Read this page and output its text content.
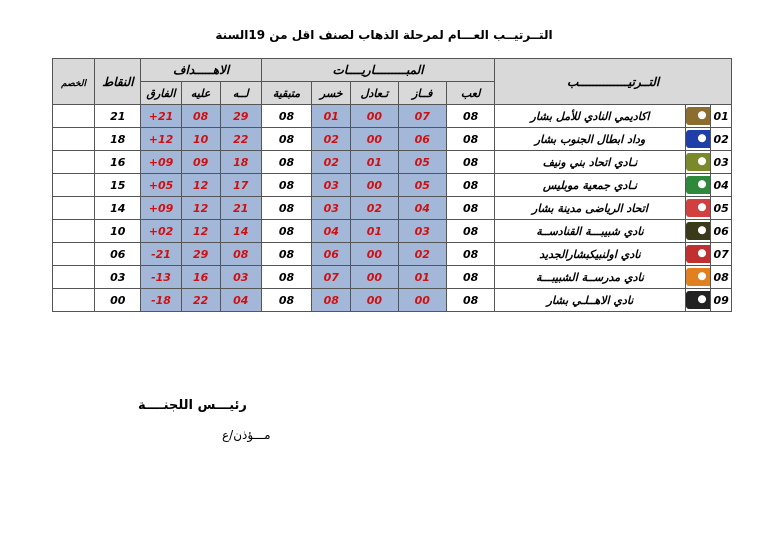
التــرتيــب العـــام لمرحلة الذهاب لصنف اقل من 19السنة
الخصم	النقاط	الاهـــــداف			المبـــــــــاريــــات					التــرتيــــــــــــــب		
		الفارق	عليه	لــه	متبقية	خسر	تـعادل	فــاز	لعب			
	21	+21	08	29	08	01	00	07	08	اكاديمي النادي للأمل بشار		01
	18	+12	10	22	08	02	00	06	08	وداد ابطال الجنوب بشار		02
	16	+09	09	18	08	02	01	05	08	نـادي اتحاد بني ونيف		03
	15	+05	12	17	08	03	00	05	08	نـادي جمعية موبليس		04
	14	+09	12	21	08	03	02	04	08	اتحاد الرياضى مدينة بشار		05
	10	+02	12	14	08	04	01	03	08	نادي شبيبـــة القنادســة		06
	06	-21	29	08	08	06	00	02	08	نادي اولنبيكبشارالجديد		07
	03	-13	16	03	08	07	00	01	08	نادي مدرســة الشبيبـــة		08
	00	-18	22	04	08	08	00	00	08	نادي الاهــلـي بشار		09
رئيـــس اللجنــــة
مـــؤذن/ع
